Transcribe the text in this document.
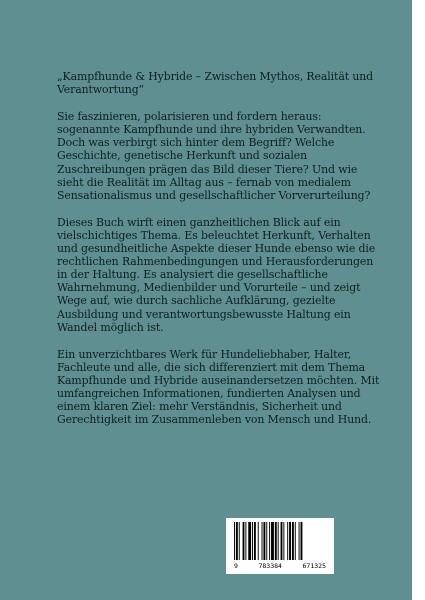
„Kampfhunde & Hybride – Zwischen Mythos, Realität und Verantwortung“

Sie faszinieren, polarisieren und fordern heraus: sogenannte Kampfhunde und ihre hybriden Verwandten. Doch was verbirgt sich hinter dem Begriff? Welche Geschichte, genetische Herkunft und sozialen Zuschreibungen prägen das Bild dieser Tiere? Und wie sieht die Realität im Alltag aus – fernab von medialem Sensationalismus und gesellschaftlicher Vorverurteilung?

Dieses Buch wirft einen ganzheitlichen Blick auf ein vielschichtiges Thema. Es beleuchtet Herkunft, Verhalten und gesundheitliche Aspekte dieser Hunde ebenso wie die rechtlichen Rahmenbedingungen und Herausforderungen in der Haltung. Es analysiert die gesellschaftliche Wahrnehmung, Medienbilder und Vorurteile – und zeigt Wege auf, wie durch sachliche Aufklärung, gezielte Ausbildung und verantwortungsbewusste Haltung ein Wandel möglich ist.

Ein unverzichtbares Werk für Hundeliebhaber, Halter, Fachleute und alle, die sich differenziert mit dem Thema Kampfhunde und Hybride auseinandersetzen möchten. Mit umfangreichen Informationen, fundierten Analysen und einem klaren Ziel: mehr Verständnis, Sicherheit und Gerechtigkeit im Zusammenleben von Mensch und Hund.

9	783384	671325
